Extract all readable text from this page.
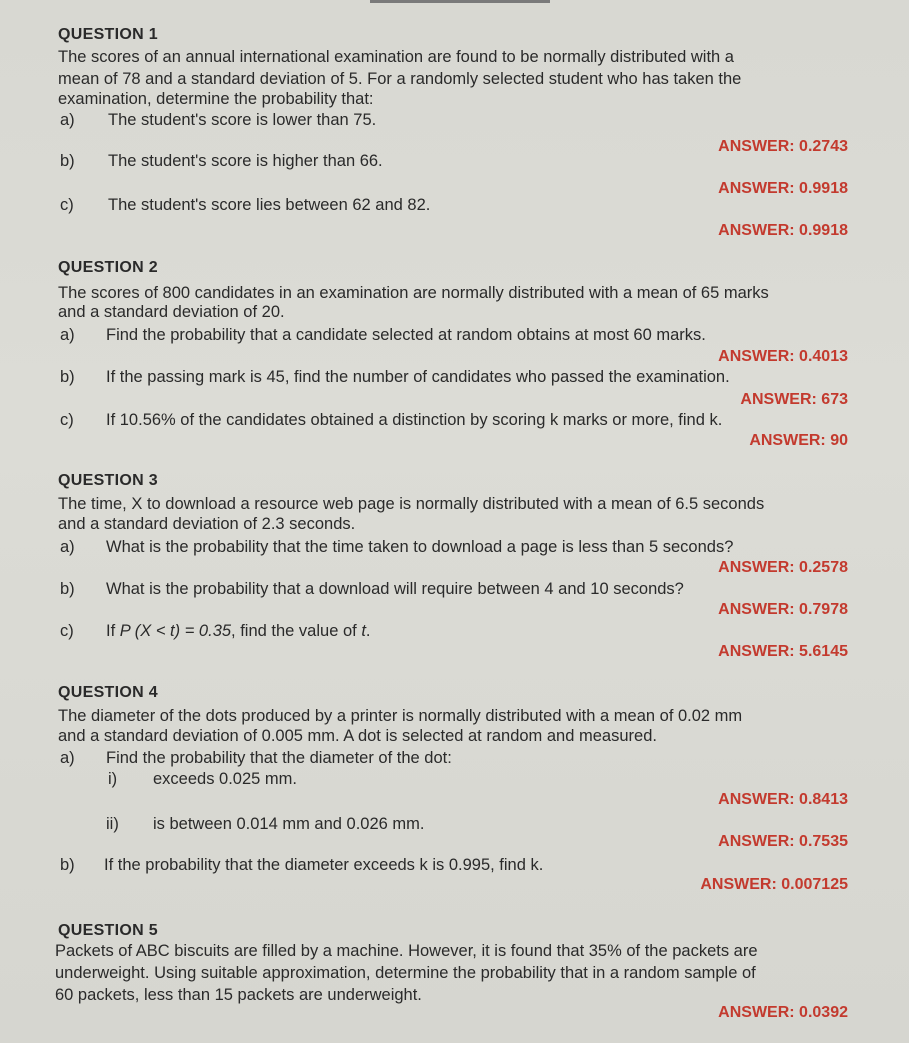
QUESTION 1
The scores of an annual international examination are found to be normally distributed with a
mean of 78 and a standard deviation of 5. For a randomly selected student who has taken the
examination, determine the probability that:
a) The student's score is lower than 75.
ANSWER: 0.2743
b) The student's score is higher than 66.
ANSWER: 0.9918
c) The student's score lies between 62 and 82.
ANSWER: 0.9918
QUESTION 2
The scores of 800 candidates in an examination are normally distributed with a mean of 65 marks
and a standard deviation of 20.
a) Find the probability that a candidate selected at random obtains at most 60 marks.
ANSWER: 0.4013
b) If the passing mark is 45, find the number of candidates who passed the examination.
ANSWER: 673
c) If 10.56% of the candidates obtained a distinction by scoring k marks or more, find k.
ANSWER: 90
QUESTION 3
The time, X to download a resource web page is normally distributed with a mean of 6.5 seconds
and a standard deviation of 2.3 seconds.
a) What is the probability that the time taken to download a page is less than 5 seconds?
ANSWER: 0.2578
b) What is the probability that a download will require between 4 and 10 seconds?
ANSWER: 0.7978
c) If P (X < t) = 0.35, find the value of t.
ANSWER: 5.6145
QUESTION 4
The diameter of the dots produced by a printer is normally distributed with a mean of 0.02 mm
and a standard deviation of 0.005 mm. A dot is selected at random and measured.
a) Find the probability that the diameter of the dot:
i) exceeds 0.025 mm.
ANSWER: 0.8413
ii) is between 0.014 mm and 0.026 mm.
ANSWER: 0.7535
b) If the probability that the diameter exceeds k is 0.995, find k.
ANSWER: 0.007125
QUESTION 5
Packets of ABC biscuits are filled by a machine. However, it is found that 35% of the packets are
underweight. Using suitable approximation, determine the probability that in a random sample of
60 packets, less than 15 packets are underweight.
ANSWER: 0.0392
